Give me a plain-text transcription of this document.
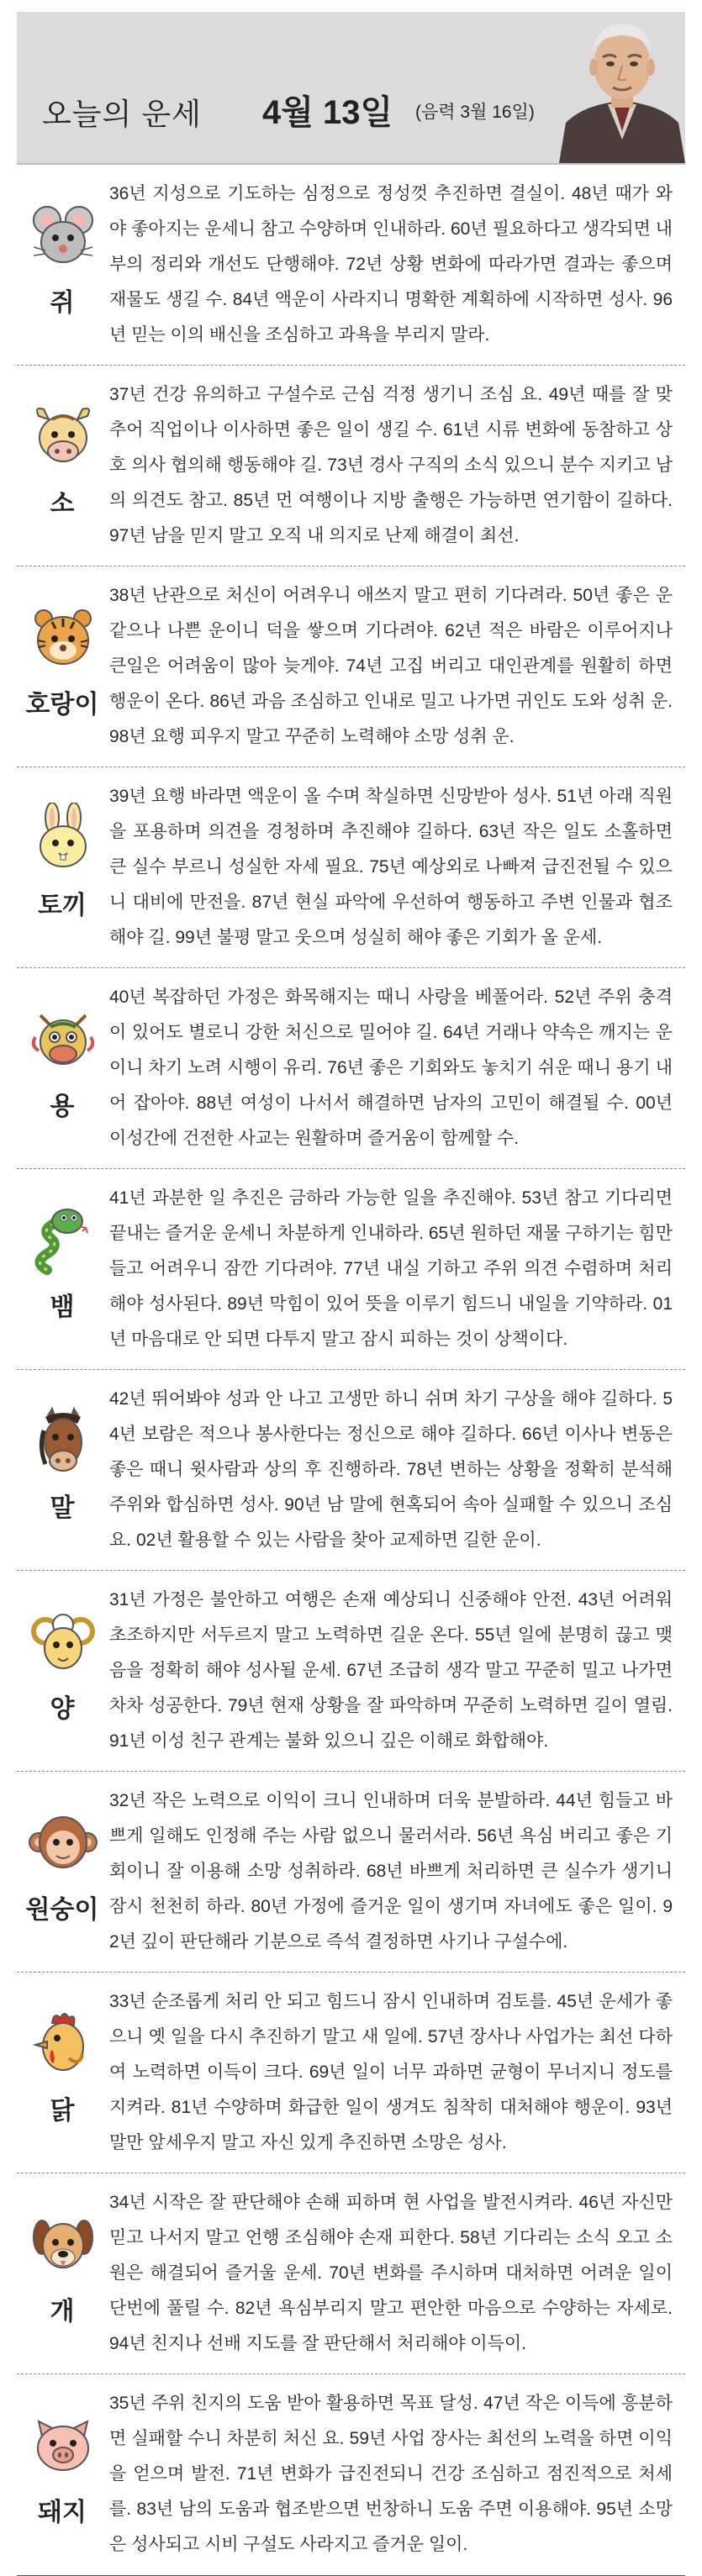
오늘의 운세 4월 13일 (음력 3월 16일)
쥐
36년 지성으로 기도하는 심정으로 정성껏 추진하면 결실이. 48년 때가 와야 좋아지는 운세니 참고 수양하며 인내하라. 60년 필요하다고 생각되면 내부의 정리와 개선도 단행해야. 72년 상황 변화에 따라가면 결과는 좋으며 재물도 생길 수. 84년 액운이 사라지니 명확한 계획하에 시작하면 성사. 96년 믿는 이의 배신을 조심하고 과욕을 부리지 말라.
소
37년 건강 유의하고 구설수로 근심 걱정 생기니 조심 요. 49년 때를 잘 맞추어 직업이나 이사하면 좋은 일이 생길 수. 61년 시류 변화에 동참하고 상호 의사 협의해 행동해야 길. 73년 경사 구직의 소식 있으니 분수 지키고 남의 의견도 참고. 85년 먼 여행이나 지방 출행은 가능하면 연기함이 길하다. 97년 남을 믿지 말고 오직 내 의지로 난제 해결이 최선.
호랑이
38년 난관으로 처신이 어려우니 애쓰지 말고 편히 기다려라. 50년 좋은 운 같으나 나쁜 운이니 덕을 쌓으며 기다려야. 62년 적은 바람은 이루어지나 큰일은 어려움이 많아 늦게야. 74년 고집 버리고 대인관계를 원활히 하면 행운이 온다. 86년 과음 조심하고 인내로 밀고 나가면 귀인도 도와 성취 운. 98년 요행 피우지 말고 꾸준히 노력해야 소망 성취 운.
토끼
39년 요행 바라면 액운이 올 수며 착실하면 신망받아 성사. 51년 아래 직원을 포용하며 의견을 경청하며 추진해야 길하다. 63년 작은 일도 소홀하면 큰 실수 부르니 성실한 자세 필요. 75년 예상외로 나빠져 급진전될 수 있으니 대비에 만전을. 87년 현실 파악에 우선하여 행동하고 주변 인물과 협조해야 길. 99년 불평 말고 웃으며 성실히 해야 좋은 기회가 올 운세.
용
40년 복잡하던 가정은 화목해지는 때니 사랑을 베풀어라. 52년 주위 충격이 있어도 별로니 강한 처신으로 밀어야 길. 64년 거래나 약속은 깨지는 운이니 차기 노려 시행이 유리. 76년 좋은 기회와도 놓치기 쉬운 때니 용기 내어 잡아야. 88년 여성이 나서서 해결하면 남자의 고민이 해결될 수. 00년 이성간에 건전한 사교는 원활하며 즐거움이 함께할 수.
뱀
41년 과분한 일 추진은 금하라 가능한 일을 추진해야. 53년 참고 기다리면 끝내는 즐거운 운세니 차분하게 인내하라. 65년 원하던 재물 구하기는 힘만 들고 어려우니 잠깐 기다려야. 77년 내실 기하고 주위 의견 수렴하며 처리해야 성사된다. 89년 막힘이 있어 뜻을 이루기 힘드니 내일을 기약하라. 01년 마음대로 안 되면 다투지 말고 잠시 피하는 것이 상책이다.
말
42년 뛰어봐야 성과 안 나고 고생만 하니 쉬며 차기 구상을 해야 길하다. 54년 보람은 적으나 봉사한다는 정신으로 해야 길하다. 66년 이사나 변동은 좋은 때니 윗사람과 상의 후 진행하라. 78년 변하는 상황을 정확히 분석해 주위와 합심하면 성사. 90년 남 말에 현혹되어 속아 실패할 수 있으니 조심 요. 02년 활용할 수 있는 사람을 찾아 교제하면 길한 운이.
양
31년 가정은 불안하고 여행은 손재 예상되니 신중해야 안전. 43년 어려워 초조하지만 서두르지 말고 노력하면 길운 온다. 55년 일에 분명히 끊고 맺음을 정확히 해야 성사될 운세. 67년 조급히 생각 말고 꾸준히 밀고 나가면 차차 성공한다. 79년 현재 상황을 잘 파악하며 꾸준히 노력하면 길이 열림. 91년 이성 친구 관계는 불화 있으니 깊은 이해로 화합해야.
원숭이
32년 작은 노력으로 이익이 크니 인내하며 더욱 분발하라. 44년 힘들고 바쁘게 일해도 인정해 주는 사람 없으니 물러서라. 56년 욕심 버리고 좋은 기회이니 잘 이용해 소망 성취하라. 68년 바쁘게 처리하면 큰 실수가 생기니 잠시 천천히 하라. 80년 가정에 즐거운 일이 생기며 자녀에도 좋은 일이. 92년 깊이 판단해라 기분으로 즉석 결정하면 사기나 구설수에.
닭
33년 순조롭게 처리 안 되고 힘드니 잠시 인내하며 검토를. 45년 운세가 좋으니 옛 일을 다시 추진하기 말고 새 일에. 57년 장사나 사업가는 최선 다하여 노력하면 이득이 크다. 69년 일이 너무 과하면 균형이 무너지니 정도를 지켜라. 81년 수양하며 화급한 일이 생겨도 침착히 대처해야 행운이. 93년 말만 앞세우지 말고 자신 있게 추진하면 소망은 성사.
개
34년 시작은 잘 판단해야 손해 피하며 현 사업을 발전시켜라. 46년 자신만 믿고 나서지 말고 언행 조심해야 손재 피한다. 58년 기다리는 소식 오고 소원은 해결되어 즐거울 운세. 70년 변화를 주시하며 대처하면 어려운 일이 단번에 풀릴 수. 82년 욕심부리지 말고 편안한 마음으로 수양하는 자세로. 94년 친지나 선배 지도를 잘 판단해서 처리해야 이득이.
돼지
35년 주위 친지의 도움 받아 활용하면 목표 달성. 47년 작은 이득에 흥분하면 실패할 수니 차분히 처신 요. 59년 사업 장사는 최선의 노력을 하면 이익을 얻으며 발전. 71년 변화가 급진전되니 건강 조심하고 점진적으로 처세를. 83년 남의 도움과 협조받으면 번창하니 도움 주면 이용해야. 95년 소망은 성사되고 시비 구설도 사라지고 즐거운 일이.
